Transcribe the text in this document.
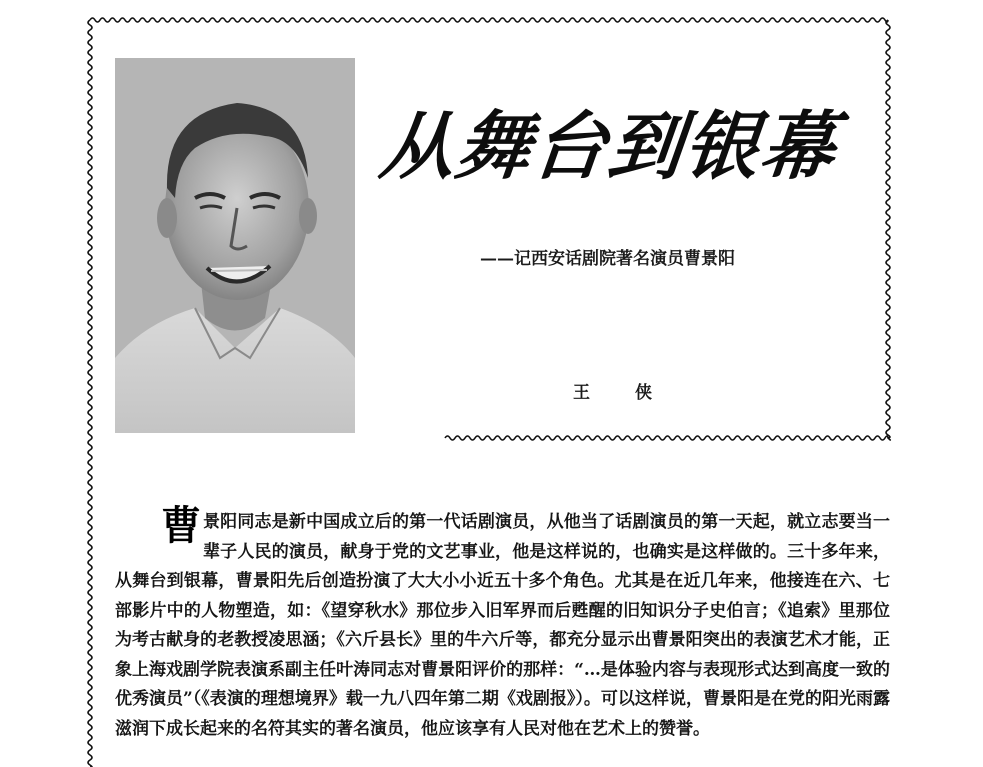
从舞台到银幕
——记西安话剧院著名演员曹景阳
王　侠
曹 景阳同志是新中国成立后的第一代话剧演员，从他当了话剧演员的第一天起，就立志要当一辈子人民的演员，献身于党的文艺事业，他是这样说的，也确实是这样做的。三十多年来，从舞台到银幕，曹景阳先后创造扮演了大大小小近五十多个角色。尤其是在近几年来，他接连在六、七部影片中的人物塑造，如：《望穿秋水》那位步入旧军界而后甦醒的旧知识分子史伯言；《追索》里那位为考古献身的老教授凌思涵；《六斤县长》里的牛六斤等，都充分显示出曹景阳突出的表演艺术才能，正象上海戏剧学院表演系副主任叶涛同志对曹景阳评价的那样：“…是体验内容与表现形式达到高度一致的优秀演员”（《表演的理想境界》载一九八四年第二期《戏剧报》）。可以这样说，曹景阳是在党的阳光雨露滋润下成长起来的名符其实的著名演员，他应该享有人民对他在艺术上的赞誉。
